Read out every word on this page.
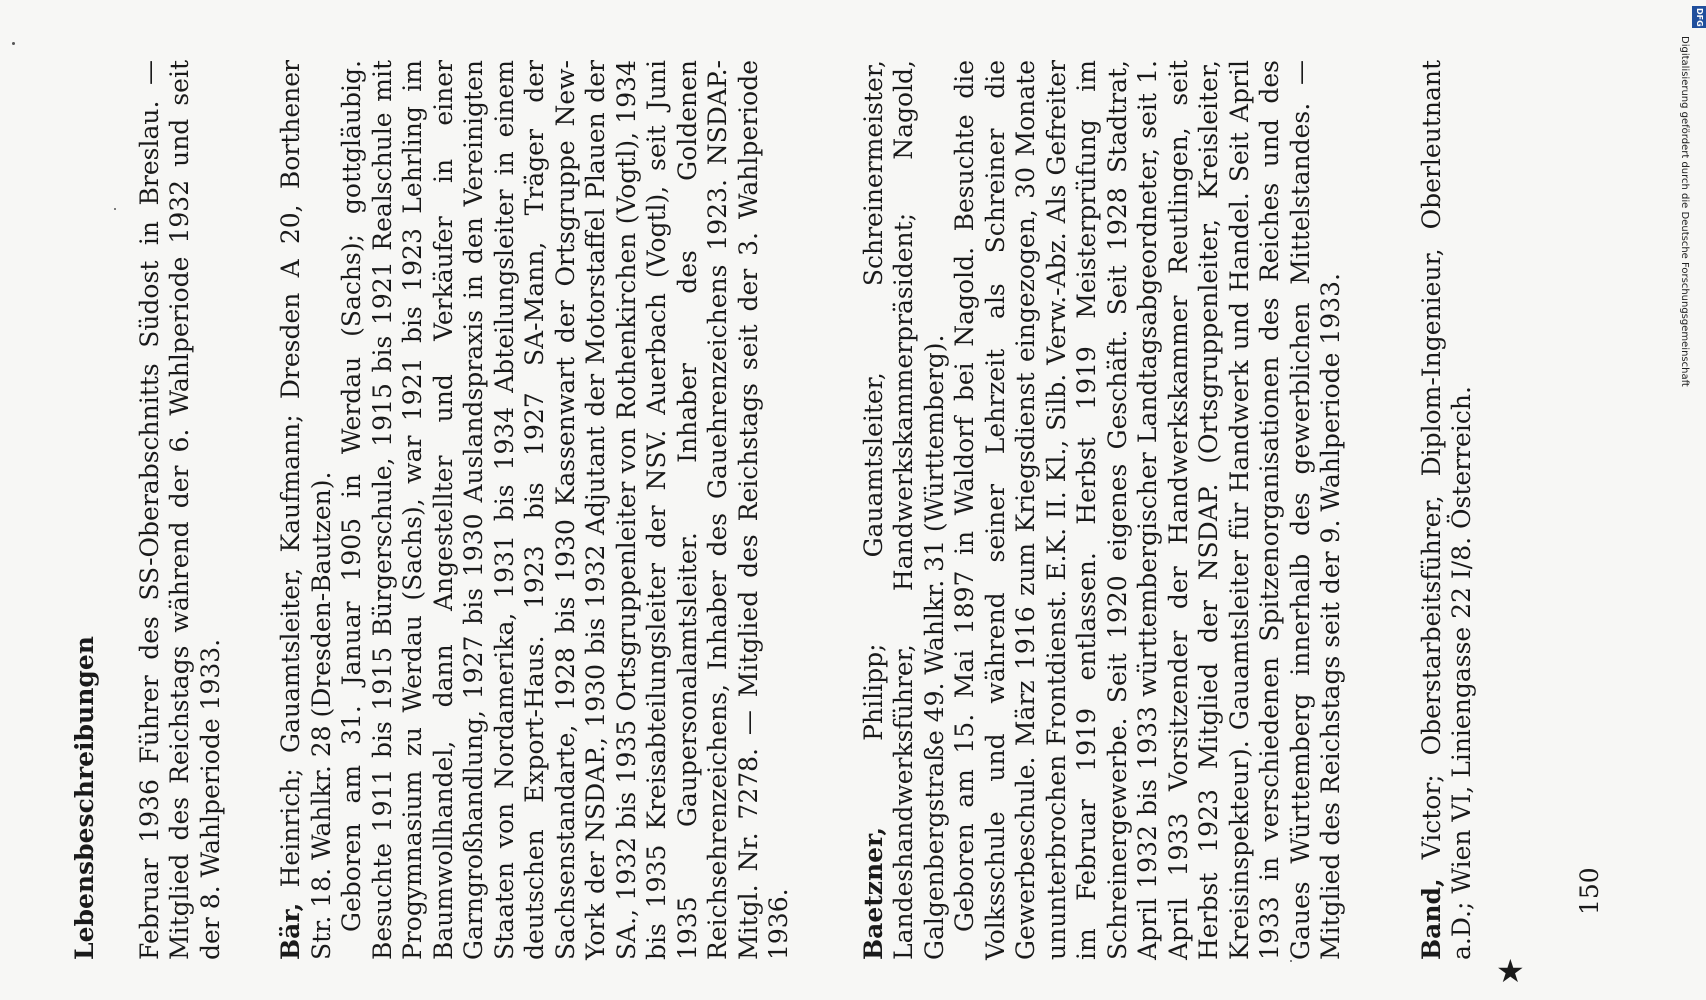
Lebensbeschreibungen Februar 1936 Führer des SS-Oberabschnitts Südost in Breslau. — Mitglied des Reichstags während der 6. Wahlperiode 1932 und seit der 8. Wahlperiode 1933. Bär, Heinrich; Gauamtsleiter, Kaufmann; Dresden A 20, Borthener Str. 18. Wahlkr. 28 (Dresden-Bautzen). Geboren am 31. Januar 1905 in Werdau (Sachs); gottgläubig. Besuchte 1911 bis 1915 Bürgerschule, 1915 bis 1921 Realschule mit Progymnasium zu Werdau (Sachs), war 1921 bis 1923 Lehrling im Baumwollhandel, dann Angestellter und Verkäufer in einer Garngroßhandlung, 1927 bis 1930 Auslandspraxis in den Vereinigten Staaten von Nordamerika, 1931 bis 1934 Abteilungsleiter in einem deutschen Export-Haus. 1923 bis 1927 SA-Mann, Träger der Sachsenstandarte, 1928 bis 1930 Kassenwart der Ortsgruppe New-York der NSDAP., 1930 bis 1932 Adjutant der Motorstaffel Plauen der SA., 1932 bis 1935 Ortsgruppenleiter von Rothenkirchen (Vogtl), 1934 bis 1935 Kreisabteilungsleiter der NSV. Auerbach (Vogtl), seit Juni 1935 Gaupersonalamtsleiter. Inhaber des Goldenen Reichsehrenzeichens, Inhaber des Gauehrenzeichens 1923. NSDAP.-Mitgl. Nr. 7278. — Mitglied des Reichstags seit der 3. Wahlperiode 1936.	Baetzner, Philipp; Gauamtsleiter, Schreinermeister, Landeshandwerksführer, Handwerkskammerpräsident; Nagold, Galgenbergstraße 49. Wahlkr. 31 (Württemberg). Geboren am 15. Mai 1897 in Waldorf bei Nagold. Besuchte die Volksschule und während seiner Lehrzeit als Schreiner die Gewerbeschule. März 1916 zum Kriegsdienst eingezogen, 30 Monate ununterbrochen Frontdienst. E.K. II. Kl., Silb. Verw.-Abz. Als Gefreiter im Februar 1919 entlassen. Herbst 1919 Meisterprüfung im Schreinergewerbe. Seit 1920 eigenes Geschäft. Seit 1928 Stadtrat, April 1932 bis 1933 württembergischer Landtagsabgeordneter, seit 1. April 1933 Vorsitzender der Handwerkskammer Reutlingen, seit Herbst 1923 Mitglied der NSDAP. (Ortsgruppenleiter, Kreisleiter, Kreisinspekteur). Gauamtsleiter für Handwerk und Handel. Seit April 1933 in verschiedenen Spitzenorganisationen des Reiches und des Gaues Württemberg innerhalb des gewerblichen Mittelstandes. — Mitglied des Reichstags seit der 9. Wahlperiode 1933.	Band, Victor; Oberstarbeitsführer, Diplom-Ingenieur, Oberleutnant a.D.; Wien VI, Liniengasse 22 I/8. Österreich.	150
★
DFG
Digitalisierung gefördert durch die Deutsche Forschungsgemeinschaft
